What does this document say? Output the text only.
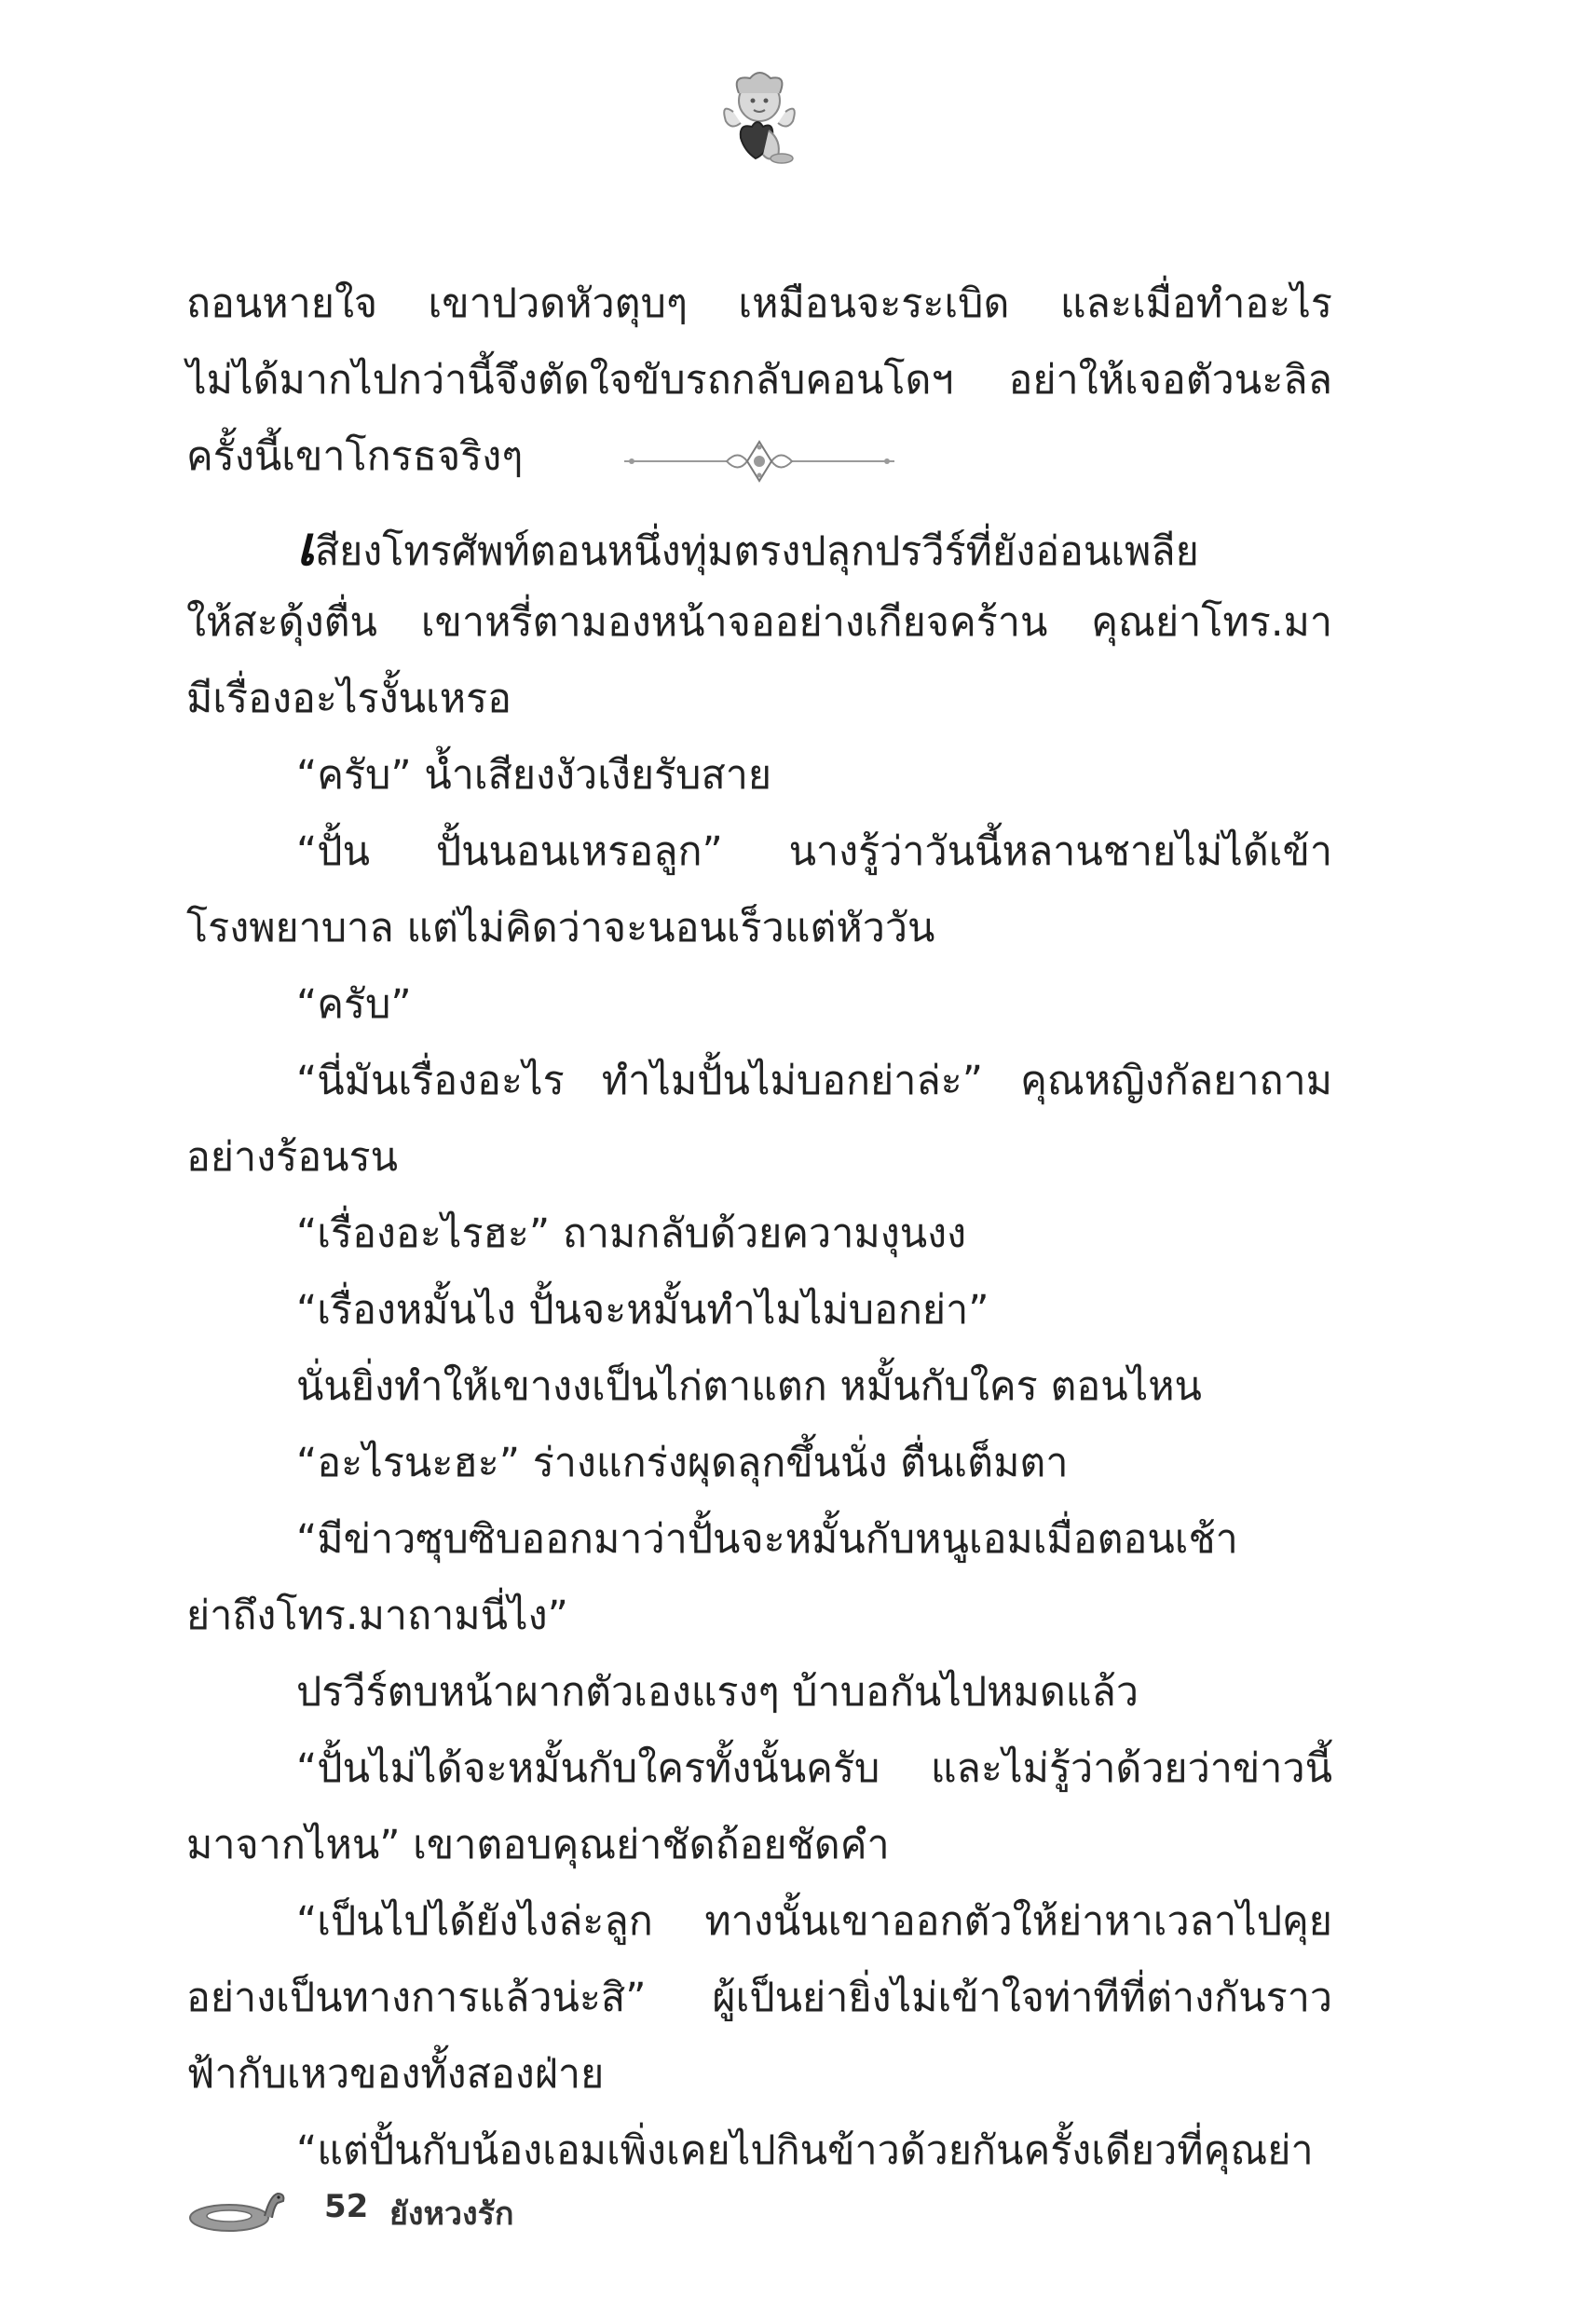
ถอนหายใจ เขาปวดหัวตุบๆ เหมือนจะระเบิด และเมื่อทำอะไร

ไม่ได้มากไปกว่านี้จึงตัดใจขับรถกลับคอนโดฯ อย่าให้เจอตัวนะลิล

ครั้งนี้เขาโกรธจริงๆ

เสียงโทรศัพท์ตอนหนึ่งทุ่มตรงปลุกปรวีร์ที่ยังอ่อนเพลีย

ให้สะดุ้งตื่น เขาหรี่ตามองหน้าจออย่างเกียจคร้าน คุณย่าโทร.มา

มีเรื่องอะไรงั้นเหรอ

“ครับ” น้ำเสียงงัวเงียรับสาย

“ปั้น ปั้นนอนเหรอลูก” นางรู้ว่าวันนี้หลานชายไม่ได้เข้า

โรงพยาบาล แต่ไม่คิดว่าจะนอนเร็วแต่หัววัน

“ครับ”

“นี่มันเรื่องอะไร ทำไมปั้นไม่บอกย่าล่ะ” คุณหญิงกัลยาถาม

อย่างร้อนรน

“เรื่องอะไรฮะ” ถามกลับด้วยความงุนงง

“เรื่องหมั้นไง ปั้นจะหมั้นทำไมไม่บอกย่า”

นั่นยิ่งทำให้เขางงเป็นไก่ตาแตก หมั้นกับใคร ตอนไหน

“อะไรนะฮะ” ร่างแกร่งผุดลุกขึ้นนั่ง ตื่นเต็มตา

“มีข่าวซุบซิบออกมาว่าปั้นจะหมั้นกับหนูเอมเมื่อตอนเช้า

ย่าถึงโทร.มาถามนี่ไง”

ปรวีร์ตบหน้าผากตัวเองแรงๆ บ้าบอกันไปหมดแล้ว

“ปั้นไม่ได้จะหมั้นกับใครทั้งนั้นครับ และไม่รู้ว่าด้วยว่าข่าวนี้

มาจากไหน” เขาตอบคุณย่าชัดถ้อยชัดคำ

“เป็นไปได้ยังไงล่ะลูก ทางนั้นเขาออกตัวให้ย่าหาเวลาไปคุย

อย่างเป็นทางการแล้วน่ะสิ” ผู้เป็นย่ายิ่งไม่เข้าใจท่าทีที่ต่างกันราว

ฟ้ากับเหวของทั้งสองฝ่าย

“แต่ปั้นกับน้องเอมเพิ่งเคยไปกินข้าวด้วยกันครั้งเดียวที่คุณย่า

52 ยังหวงรัก
